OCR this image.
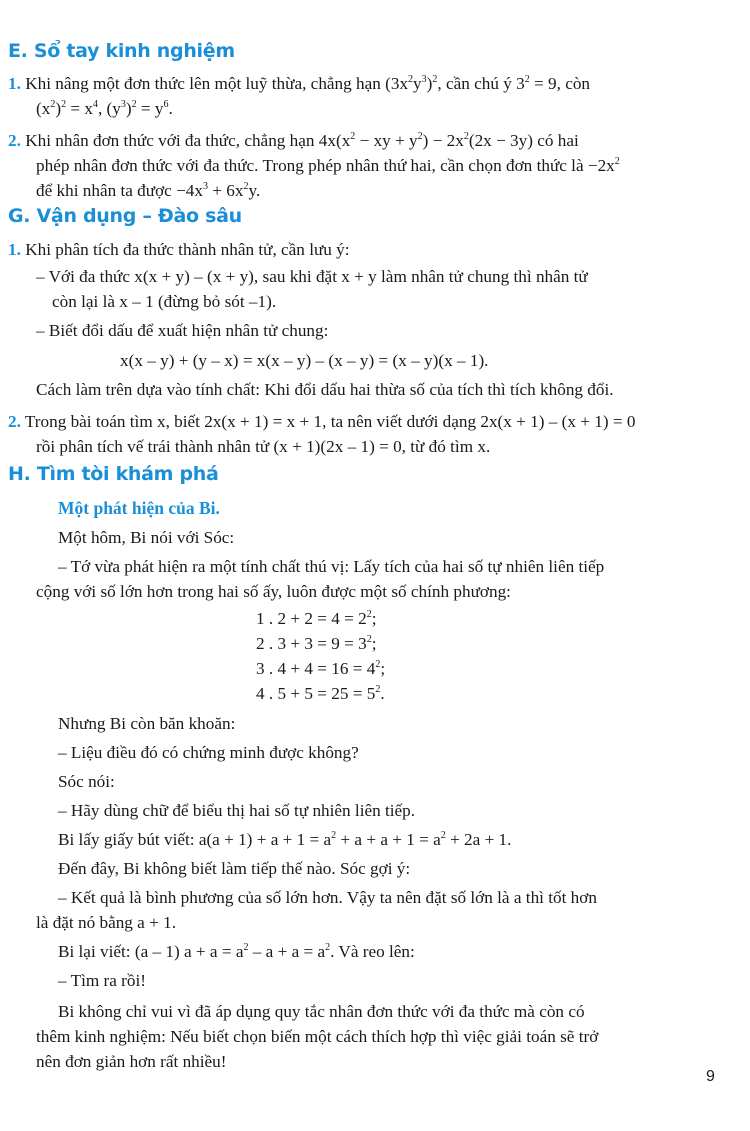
E. Sổ tay kinh nghiệm
1. Khi nâng một đơn thức lên một luỹ thừa, chẳng hạn $(3x^2y^3)^2$, cần chú ý $3^2 = 9$, còn
$(x^2)^2 = x^4$, $(y^3)^2 = y^6$.
2. Khi nhân đơn thức với đa thức, chẳng hạn $4x(x^2$ − xy + $y^2) - 2x^2(2x - 3y)$ có hai
phép nhân đơn thức với đa thức. Trong phép nhân thứ hai, cần chọn đơn thức là $-2x^2$
để khi nhân ta được $-4x^3 + 6x^2y$.
G. Vận dụng – Đào sâu
1. Khi phân tích đa thức thành nhân tử, cần lưu ý:
– Với đa thức x(x + y) – (x + y), sau khi đặt x + y làm nhân tử chung thì nhân tử
còn lại là x – 1 (đừng bỏ sót –1).
– Biết đổi dấu để xuất hiện nhân tử chung:
x(x – y) + (y – x) = x(x – y) – (x – y) = (x – y)(x – 1).
Cách làm trên dựa vào tính chất: Khi đổi dấu hai thừa số của tích thì tích không đổi.
2. Trong bài toán tìm x, biết 2x(x + 1) = x + 1, ta nên viết dưới dạng 2x(x + 1) – (x + 1) = 0
rồi phân tích vế trái thành nhân tử (x + 1)(2x – 1) = 0, từ đó tìm x.
H. Tìm tòi khám phá
Một phát hiện của Bi.
Một hôm, Bi nói với Sóc:
– Tớ vừa phát hiện ra một tính chất thú vị: Lấy tích của hai số tự nhiên liên tiếp
cộng với số lớn hơn trong hai số ấy, luôn được một số chính phương:
1 . $2 + 2 = 4 = 2^2$;
2 . $3 + 3 = 9 = 3^2$;
3 . $4 + 4 = 16 = 4^2$;
4 . $5 + 5 = 25 = 5^2$.
Nhưng Bi còn băn khoăn:
– Liệu điều đó có chứng minh được không?
Sóc nói:
– Hãy dùng chữ để biểu thị hai số tự nhiên liên tiếp.
Bi lấy giấy bút viết: $a(a + 1) + a + 1 = a^2 + a + a + 1 = a^2 + 2a + 1$.
Đến đây, Bi không biết làm tiếp thế nào. Sóc gợi ý:
– Kết quả là bình phương của số lớn hơn. Vậy ta nên đặt số lớn là a thì tốt hơn
là đặt nó bằng a + 1.
Bi lại viết: (a – 1) $a + a = a^2 - a + a = a^2$. Và reo lên:
– Tìm ra rồi!
Bi không chỉ vui vì đã áp dụng quy tắc nhân đơn thức với đa thức mà còn có
thêm kinh nghiệm: Nếu biết chọn biến một cách thích hợp thì việc giải toán sẽ trở
nên đơn giản hơn rất nhiều!
9
